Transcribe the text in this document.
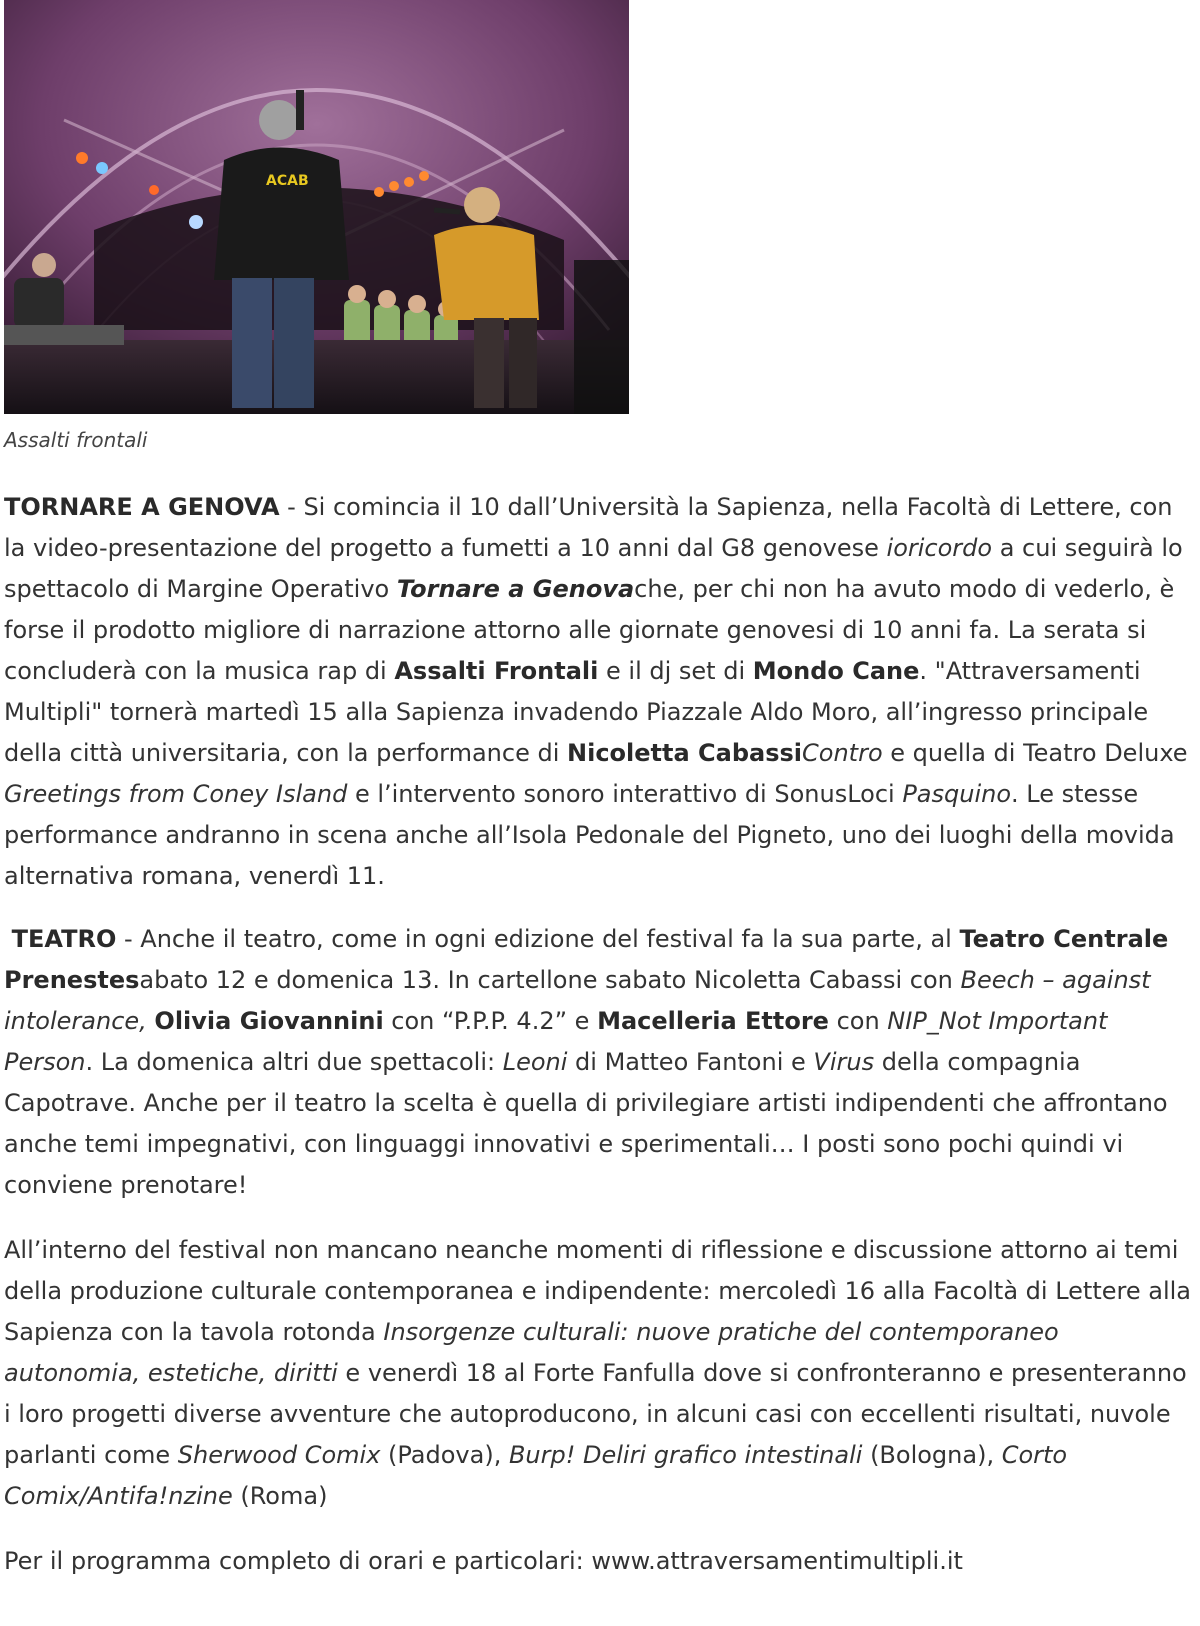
ACAB

Assalti frontali

TORNARE A GENOVA - Si comincia il 10 dall’Università la Sapienza, nella Facoltà di Lettere, con la video-presentazione del progetto a fumetti a 10 anni dal G8 genovese ioricordo a cui seguirà lo spettacolo di Margine Operativo Tornare a Genovache, per chi non ha avuto modo di vederlo, è forse il prodotto migliore di narrazione attorno alle giornate genovesi di 10 anni fa. La serata si concluderà con la musica rap di Assalti Frontali e il dj set di Mondo Cane. "Attraversamenti Multipli" tornerà martedì 15 alla Sapienza invadendo Piazzale Aldo Moro, all’ingresso principale della città universitaria, con la performance di Nicoletta CabassiContro e quella di Teatro Deluxe Greetings from Coney Island e l’intervento sonoro interattivo di SonusLoci Pasquino. Le stesse performance andranno in scena anche all’Isola Pedonale del Pigneto, uno dei luoghi della movida alternativa romana, venerdì 11.

TEATRO - Anche il teatro, come in ogni edizione del festival fa la sua parte, al Teatro Centrale Prenestesabato 12 e domenica 13. In cartellone sabato Nicoletta Cabassi con Beech – against intolerance, Olivia Giovannini con “P.P.P. 4.2” e Macelleria Ettore con NIP_Not Important Person. La domenica altri due spettacoli: Leoni di Matteo Fantoni e Virus della compagnia Capotrave. Anche per il teatro la scelta è quella di privilegiare artisti indipendenti che affrontano anche temi impegnativi, con linguaggi innovativi e sperimentali… I posti sono pochi quindi vi conviene prenotare!

All’interno del festival non mancano neanche momenti di riflessione e discussione attorno ai temi della produzione culturale contemporanea e indipendente: mercoledì 16 alla Facoltà di Lettere alla Sapienza con la tavola rotonda Insorgenze culturali: nuove pratiche del contemporaneo autonomia, estetiche, diritti e venerdì 18 al Forte Fanfulla dove si confronteranno e presenteranno i loro progetti diverse avventure che autoproducono, in alcuni casi con eccellenti risultati, nuvole parlanti come Sherwood Comix (Padova), Burp! Deliri grafico intestinali (Bologna), Corto Comix/Antifa!nzine (Roma)

Per il programma completo di orari e particolari: www.attraversamentimultipli.it
